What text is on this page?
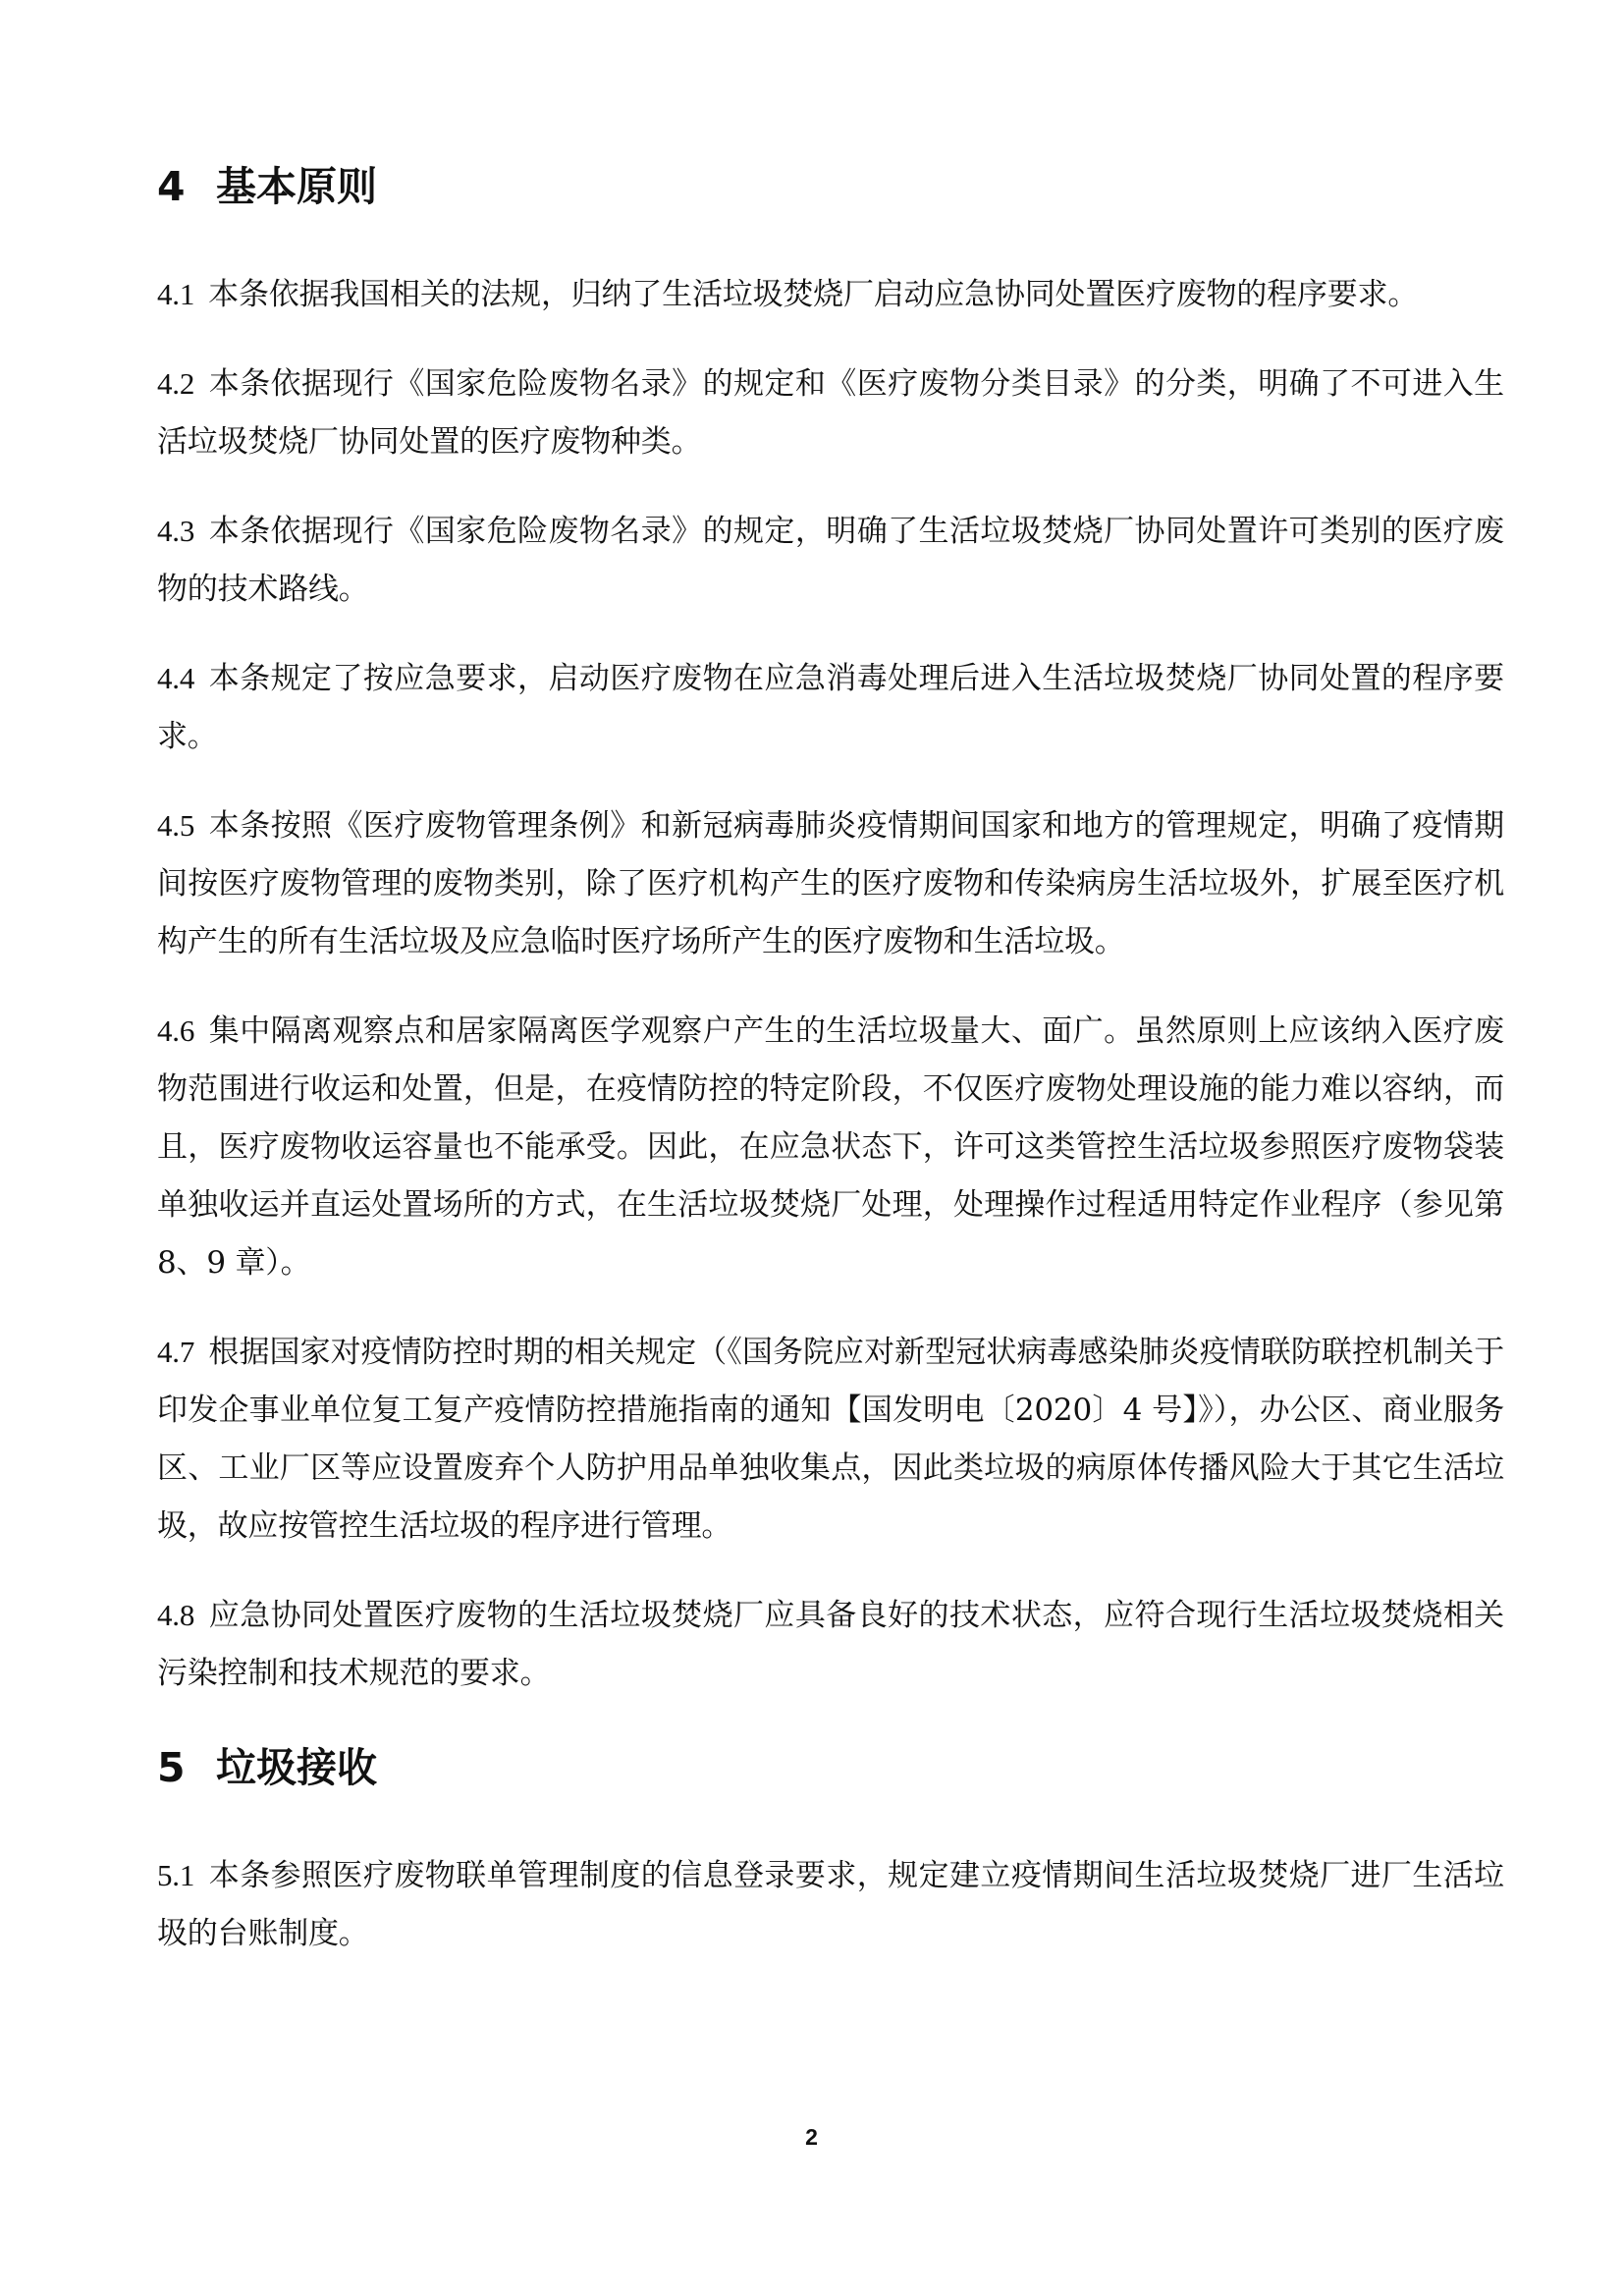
4 基本原则

4.1 本条依据我国相关的法规，归纳了生活垃圾焚烧厂启动应急协同处置医疗废物的程序要求。

4.2 本条依据现行《国家危险废物名录》的规定和《医疗废物分类目录》的分类，明确了不可进入生活垃圾焚烧厂协同处置的医疗废物种类。

4.3 本条依据现行《国家危险废物名录》的规定，明确了生活垃圾焚烧厂协同处置许可类别的医疗废物的技术路线。

4.4 本条规定了按应急要求，启动医疗废物在应急消毒处理后进入生活垃圾焚烧厂协同处置的程序要求。

4.5 本条按照《医疗废物管理条例》和新冠病毒肺炎疫情期间国家和地方的管理规定，明确了疫情期间按医疗废物管理的废物类别，除了医疗机构产生的医疗废物和传染病房生活垃圾外，扩展至医疗机构产生的所有生活垃圾及应急临时医疗场所产生的医疗废物和生活垃圾。

4.6 集中隔离观察点和居家隔离医学观察户产生的生活垃圾量大、面广。虽然原则上应该纳入医疗废物范围进行收运和处置，但是，在疫情防控的特定阶段，不仅医疗废物处理设施的能力难以容纳，而且，医疗废物收运容量也不能承受。因此，在应急状态下，许可这类管控生活垃圾参照医疗废物袋装单独收运并直运处置场所的方式，在生活垃圾焚烧厂处理，处理操作过程适用特定作业程序（参见第 8、9 章）。

4.7 根据国家对疫情防控时期的相关规定（《国务院应对新型冠状病毒感染肺炎疫情联防联控机制关于印发企事业单位复工复产疫情防控措施指南的通知【国发明电〔2020〕4 号】》），办公区、商业服务区、工业厂区等应设置废弃个人防护用品单独收集点，因此类垃圾的病原体传播风险大于其它生活垃圾，故应按管控生活垃圾的程序进行管理。

4.8 应急协同处置医疗废物的生活垃圾焚烧厂应具备良好的技术状态，应符合现行生活垃圾焚烧相关污染控制和技术规范的要求。

5 垃圾接收

5.1 本条参照医疗废物联单管理制度的信息登录要求，规定建立疫情期间生活垃圾焚烧厂进厂生活垃圾的台账制度。

2
